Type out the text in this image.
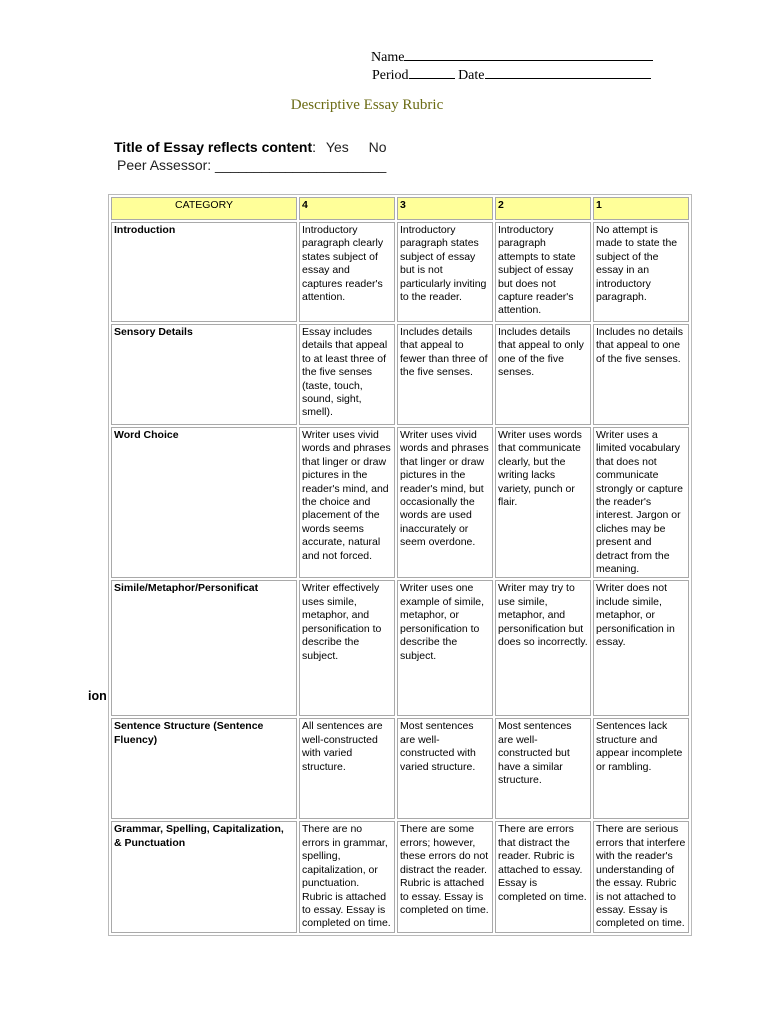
Name
Period	Date
Descriptive Essay Rubric
Title of Essay reflects content: Yes No
Peer Assessor: ______________________
CATEGORY	4	3	2	1
Introduction	Introductory paragraph clearly states subject of essay and captures reader's attention.	Introductory paragraph states subject of essay but is not particularly inviting to the reader.	Introductory paragraph attempts to state subject of essay but does not capture reader's attention.	No attempt is made to state the subject of the essay in an introductory paragraph.
Sensory Details	Essay includes details that appeal to at least three of the five senses (taste, touch, sound, sight, smell).	Includes details that appeal to fewer than three of the five senses.	Includes details that appeal to only one of the five senses.	Includes no details that appeal to one of the five senses.
Word Choice	Writer uses vivid words and phrases that linger or draw pictures in the reader's mind, and the choice and placement of the words seems accurate, natural and not forced.	Writer uses vivid words and phrases that linger or draw pictures in the reader's mind, but occasionally the words are used inaccurately or seem overdone.	Writer uses words that communicate clearly, but the writing lacks variety, punch or flair.	Writer uses a limited vocabulary that does not communicate strongly or capture the reader's interest. Jargon or cliches may be present and detract from the meaning.
Simile/Metaphor/Personificat	Writer effectively uses simile, metaphor, and personification to describe the subject.	Writer uses one example of simile, metaphor, or personification to describe the subject.	Writer may try to use simile, metaphor, and personification but does so incorrectly.	Writer does not include simile, metaphor, or personification in essay.
Sentence Structure (Sentence Fluency)	All sentences are well-constructed with varied structure.	Most sentences are well-constructed with varied structure.	Most sentences are well-constructed but have a similar structure.	Sentences lack structure and appear incomplete or rambling.
Grammar, Spelling, Capitalization, & Punctuation	There are no errors in grammar, spelling, capitalization, or punctuation. Rubric is attached to essay. Essay is completed on time.	There are some errors; however, these errors do not distract the reader. Rubric is attached to essay. Essay is completed on time.	There are errors that distract the reader. Rubric is attached to essay. Essay is completed on time.	There are serious errors that interfere with the reader's understanding of the essay. Rubric is not attached to essay. Essay is completed on time.
ion
